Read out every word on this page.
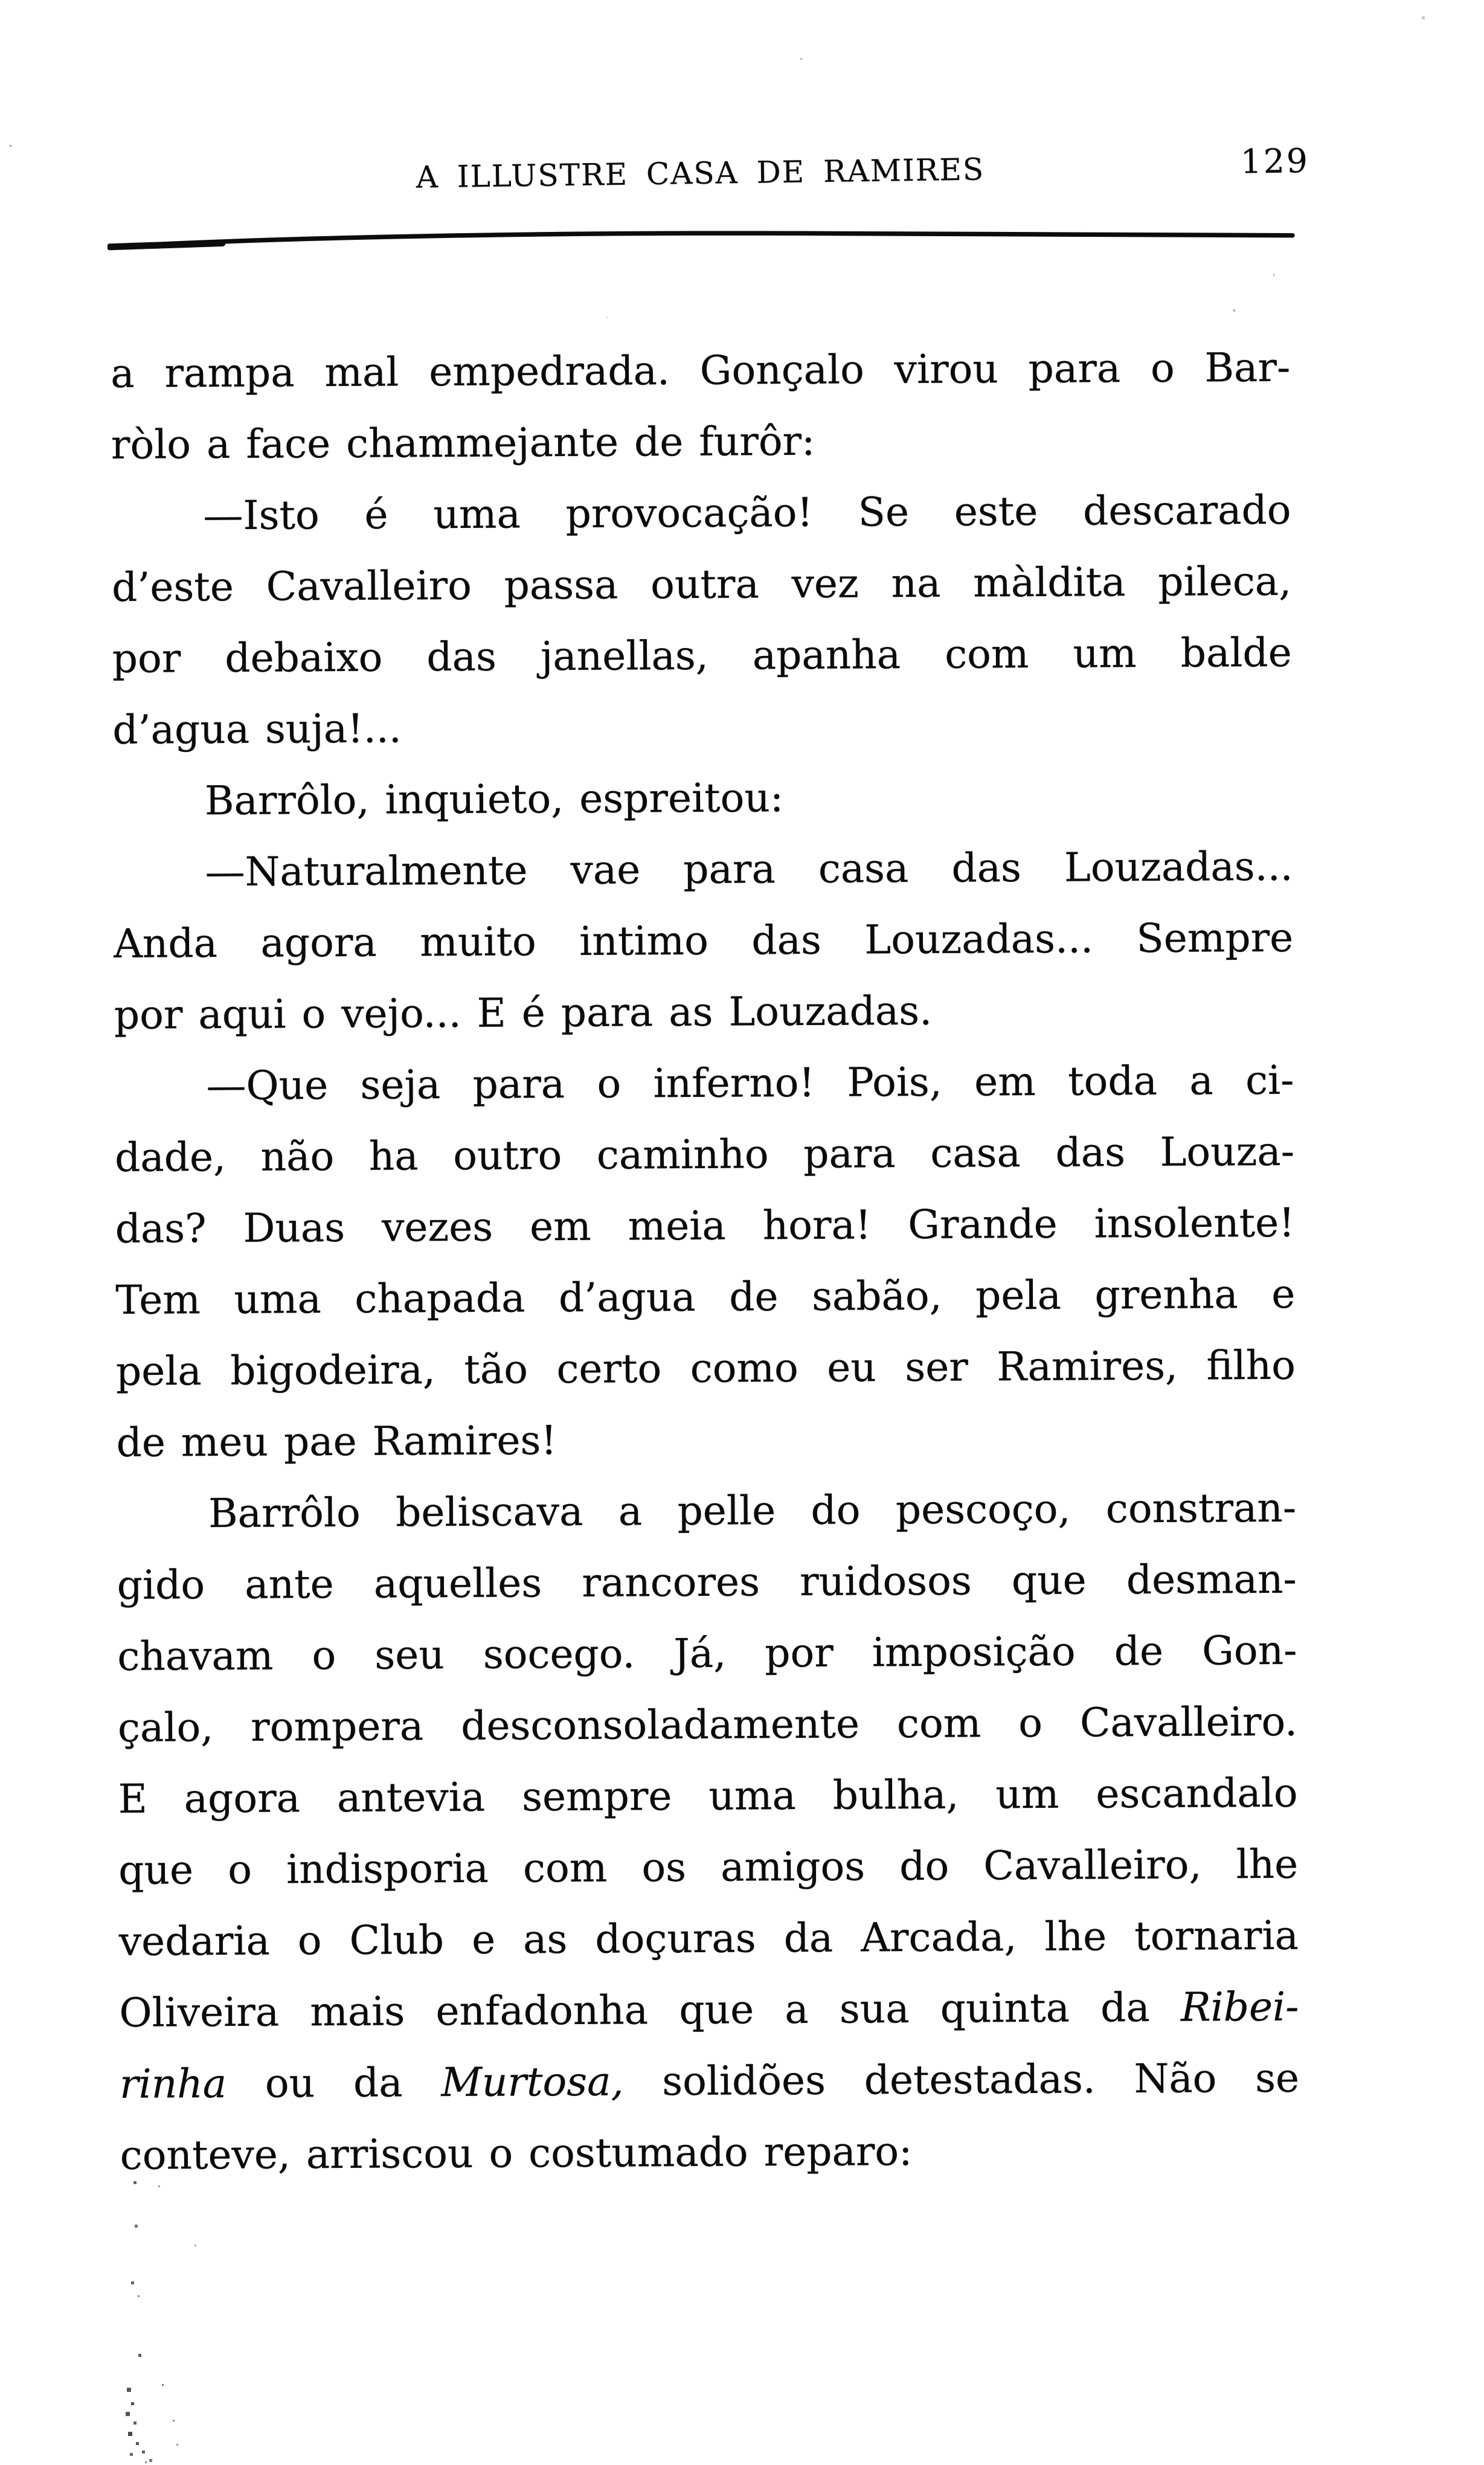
A ILLUSTRE CASA DE RAMIRES	129
a rampa mal empedrada. Gonçalo virou para o Bar-
ròlo a face chammejante de furôr:
—Isto é uma provocação! Se este descarado
d’este Cavalleiro passa outra vez na màldita pileca,
por debaixo das janellas, apanha com um balde
d’agua suja!...
Barrôlo, inquieto, espreitou:
—Naturalmente vae para casa das Louzadas...
Anda agora muito intimo das Louzadas... Sempre
por aqui o vejo... E é para as Louzadas.
—Que seja para o inferno! Pois, em toda a ci-
dade, não ha outro caminho para casa das Louza-
das? Duas vezes em meia hora! Grande insolente!
Tem uma chapada d’agua de sabão, pela grenha e
pela bigodeira, tão certo como eu ser Ramires, filho
de meu pae Ramires!
Barrôlo beliscava a pelle do pescoço, constran-
gido ante aquelles rancores ruidosos que desman-
chavam o seu socego. Já, por imposição de Gon-
çalo, rompera desconsoladamente com o Cavalleiro.
E agora antevia sempre uma bulha, um escandalo
que o indisporia com os amigos do Cavalleiro, lhe
vedaria o Club e as doçuras da Arcada, lhe tornaria
Oliveira mais enfadonha que a sua quinta da Ribei-
rinha ou da Murtosa, solidões detestadas. Não se
conteve, arriscou o costumado reparo:
